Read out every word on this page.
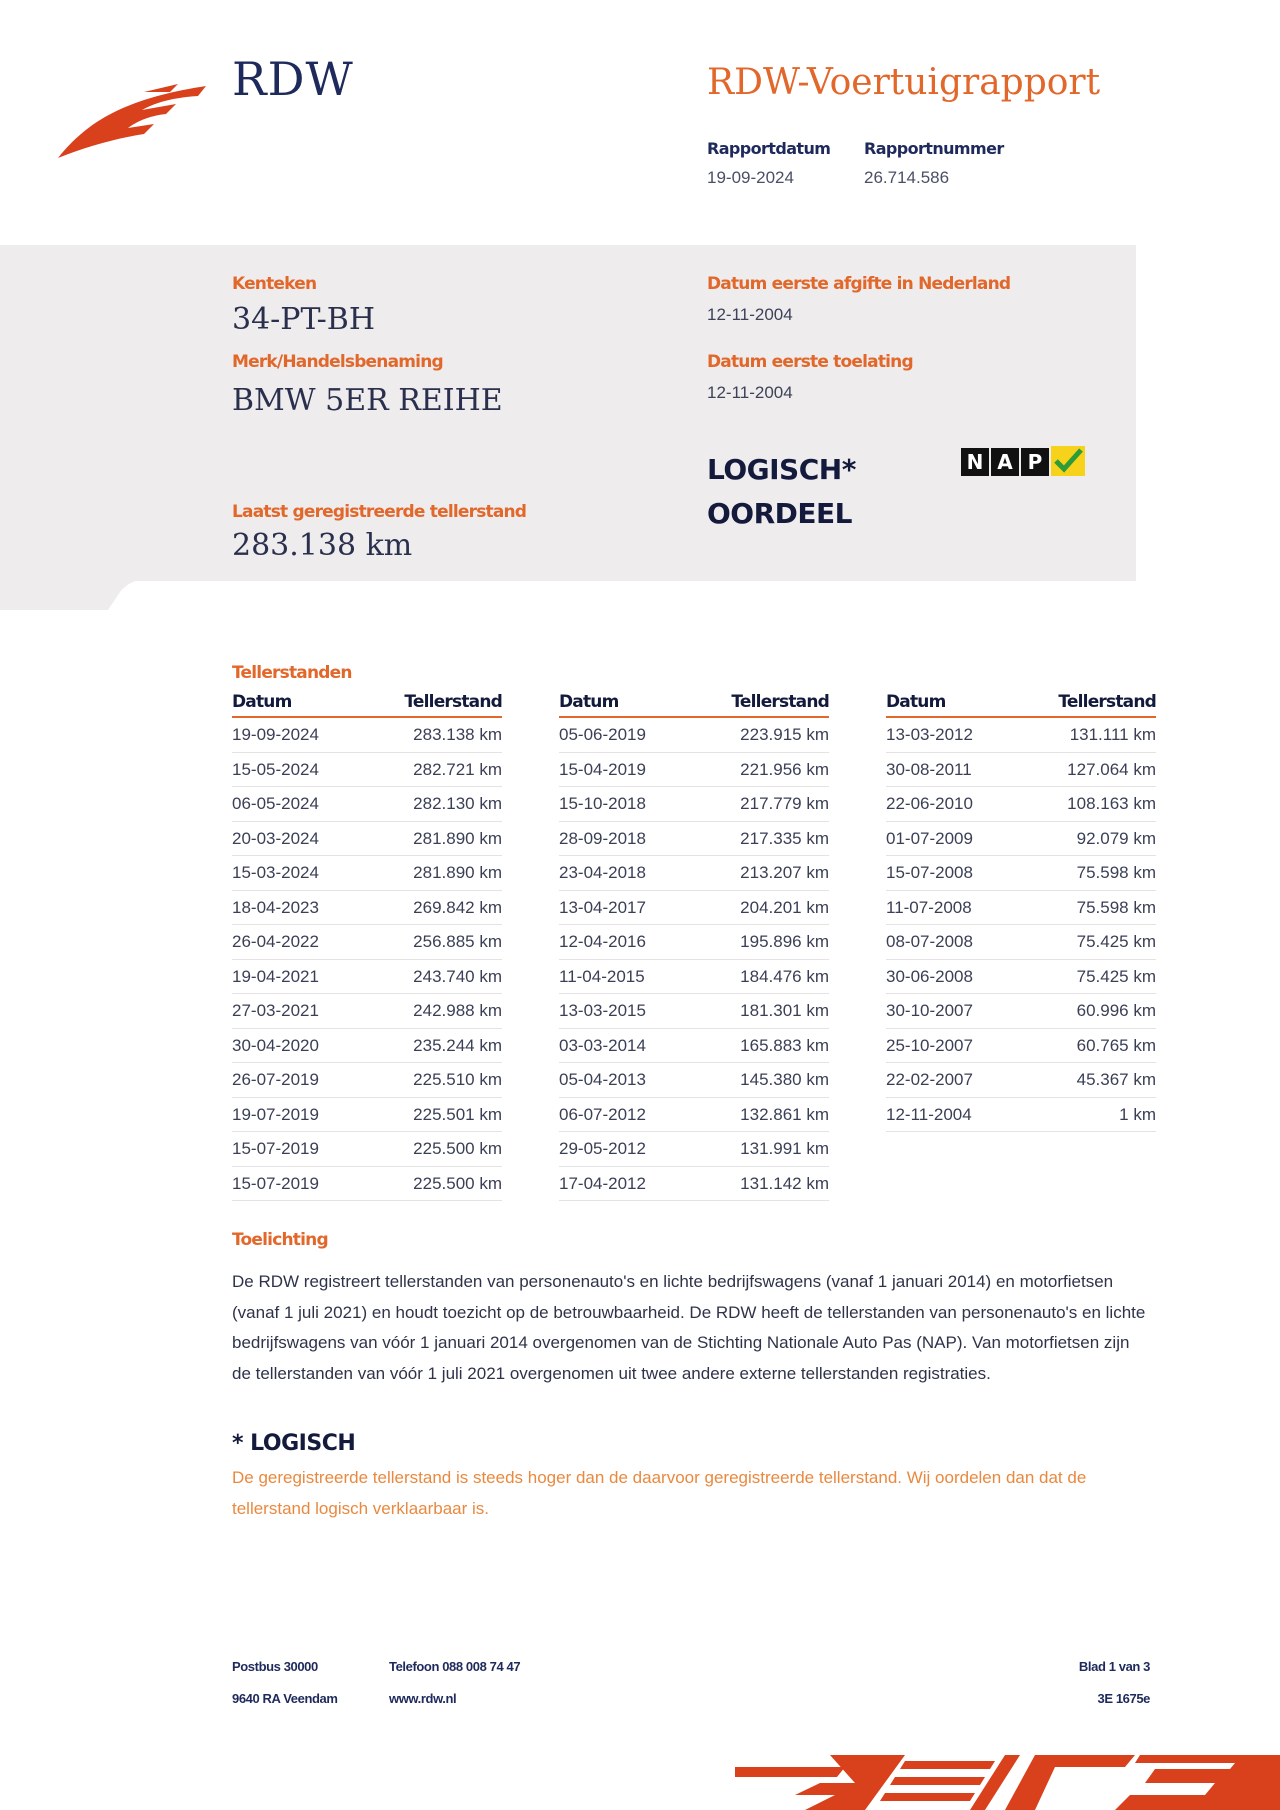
RDW	RDW-Voertuigrapport
Rapportdatum
19-09-2024
Rapportnummer
26.714.586
Kenteken
34-PT-BH
Merk/Handelsbenaming
BMW 5ER REIHE
Laatst geregistreerde tellerstand
283.138 km
Datum eerste afgifte in Nederland
12-11-2004
Datum eerste toelating
12-11-2004
LOGISCH*
OORDEEL
N A P
Tellerstanden
Datum	Tellerstand
19-09-2024	283.138 km
15-05-2024	282.721 km
06-05-2024	282.130 km
20-03-2024	281.890 km
15-03-2024	281.890 km
18-04-2023	269.842 km
26-04-2022	256.885 km
19-04-2021	243.740 km
27-03-2021	242.988 km
30-04-2020	235.244 km
26-07-2019	225.510 km
19-07-2019	225.501 km
15-07-2019	225.500 km
15-07-2019	225.500 km
Datum	Tellerstand
05-06-2019	223.915 km
15-04-2019	221.956 km
15-10-2018	217.779 km
28-09-2018	217.335 km
23-04-2018	213.207 km
13-04-2017	204.201 km
12-04-2016	195.896 km
11-04-2015	184.476 km
13-03-2015	181.301 km
03-03-2014	165.883 km
05-04-2013	145.380 km
06-07-2012	132.861 km
29-05-2012	131.991 km
17-04-2012	131.142 km
Datum	Tellerstand
13-03-2012	131.111 km
30-08-2011	127.064 km
22-06-2010	108.163 km
01-07-2009	92.079 km
15-07-2008	75.598 km
11-07-2008	75.598 km
08-07-2008	75.425 km
30-06-2008	75.425 km
30-10-2007	60.996 km
25-10-2007	60.765 km
22-02-2007	45.367 km
12-11-2004	1 km
Toelichting
De RDW registreert tellerstanden van personenauto's en lichte bedrijfswagens (vanaf 1 januari 2014) en motorfietsen (vanaf 1 juli 2021) en houdt toezicht op de betrouwbaarheid. De RDW heeft de tellerstanden van personenauto's en lichte bedrijfswagens van vóór 1 januari 2014 overgenomen van de Stichting Nationale Auto Pas (NAP). Van motorfietsen zijn de tellerstanden van vóór 1 juli 2021 overgenomen uit twee andere externe tellerstanden registraties.
* LOGISCH
De geregistreerde tellerstand is steeds hoger dan de daarvoor geregistreerde tellerstand. Wij oordelen dan dat de tellerstand logisch verklaarbaar is.
Postbus 30000
9640 RA Veendam
Telefoon 088 008 74 47
www.rdw.nl
Blad 1 van 3
3E 1675e
